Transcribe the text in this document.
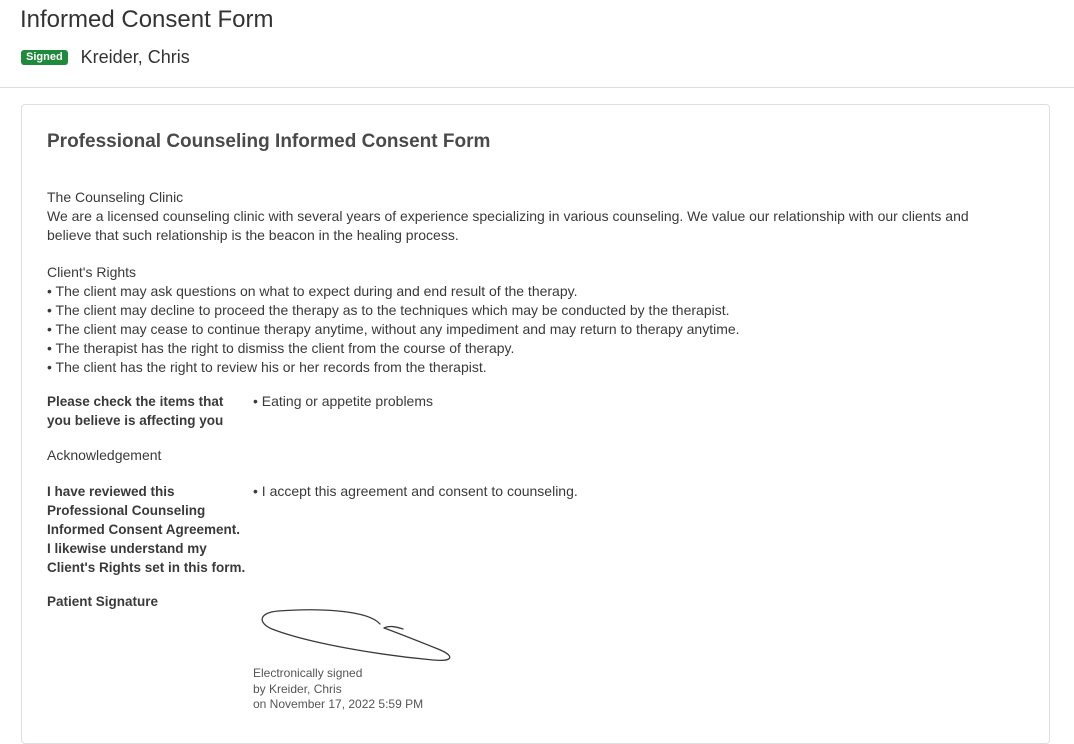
Informed Consent Form
Signed Kreider, Chris
Professional Counseling Informed Consent Form
The Counseling Clinic
We are a licensed counseling clinic with several years of experience specializing in various counseling. We value our relationship with our clients and believe that such relationship is the beacon in the healing process.
Client's Rights
• The client may ask questions on what to expect during and end result of the therapy.
• The client may decline to proceed the therapy as to the techniques which may be conducted by the therapist.
• The client may cease to continue therapy anytime, without any impediment and may return to therapy anytime.
• The therapist has the right to dismiss the client from the course of therapy.
• The client has the right to review his or her records from the therapist.
Please check the items that you believe is affecting you
• Eating or appetite problems
Acknowledgement
I have reviewed this Professional Counseling Informed Consent Agreement. I likewise understand my Client's Rights set in this form.
• I accept this agreement and consent to counseling.
Patient Signature
Electronically signed
by Kreider, Chris
on November 17, 2022 5:59 PM
